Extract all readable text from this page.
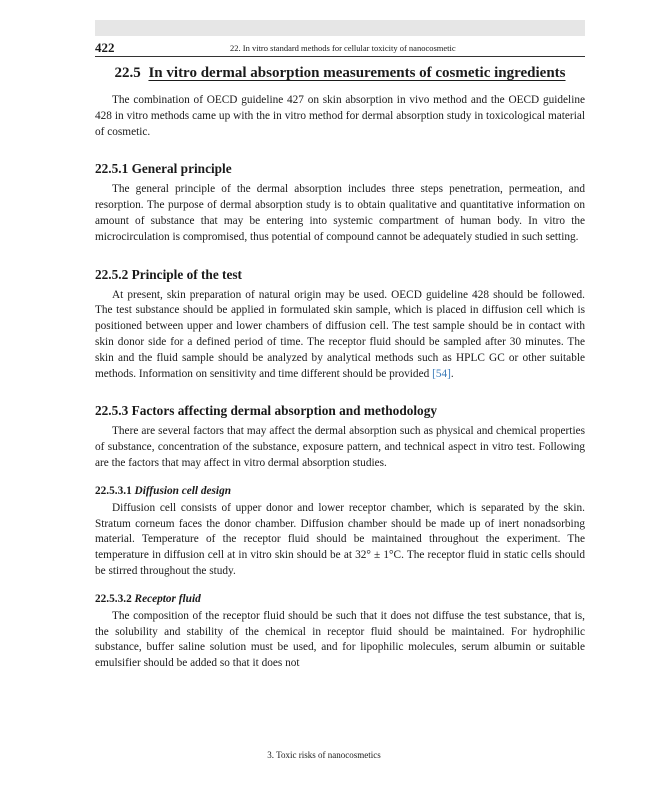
422	22. In vitro standard methods for cellular toxicity of nanocosmetic
22.5 In vitro dermal absorption measurements of cosmetic ingredients

The combination of OECD guideline 427 on skin absorption in vivo method and the OECD guideline 428 in vitro methods came up with the in vitro method for dermal absorption study in toxicological material of cosmetic.

22.5.1 General principle

The general principle of the dermal absorption includes three steps penetration, permeation, and resorption. The purpose of dermal absorption study is to obtain qualitative and quantitative information on amount of substance that may be entering into systemic compartment of human body. In vitro the microcirculation is compromised, thus potential of compound cannot be adequately studied in such setting.

22.5.2 Principle of the test

At present, skin preparation of natural origin may be used. OECD guideline 428 should be followed. The test substance should be applied in formulated skin sample, which is placed in diffusion cell which is positioned between upper and lower chambers of diffusion cell. The test sample should be in contact with skin donor side for a defined period of time. The receptor fluid should be sampled after 30 minutes. The skin and the fluid sample should be analyzed by analytical methods such as HPLC GC or other suitable methods. Information on sensitivity and time different should be provided [54].

22.5.3 Factors affecting dermal absorption and methodology

There are several factors that may affect the dermal absorption such as physical and chemical properties of substance, concentration of the substance, exposure pattern, and technical aspect in vitro test. Following are the factors that may affect in vitro dermal absorption studies.

22.5.3.1 Diffusion cell design

Diffusion cell consists of upper donor and lower receptor chamber, which is separated by the skin. Stratum corneum faces the donor chamber. Diffusion chamber should be made up of inert nonadsorbing material. Temperature of the receptor fluid should be maintained throughout the experiment. The temperature in diffusion cell at in vitro skin should be at 32° ± 1°C. The receptor fluid in static cells should be stirred throughout the study.

22.5.3.2 Receptor fluid

The composition of the receptor fluid should be such that it does not diffuse the test substance, that is, the solubility and stability of the chemical in receptor fluid should be maintained. For hydrophilic substance, buffer saline solution must be used, and for lipophilic molecules, serum albumin or suitable emulsifier should be added so that it does not

3. Toxic risks of nanocosmetics
